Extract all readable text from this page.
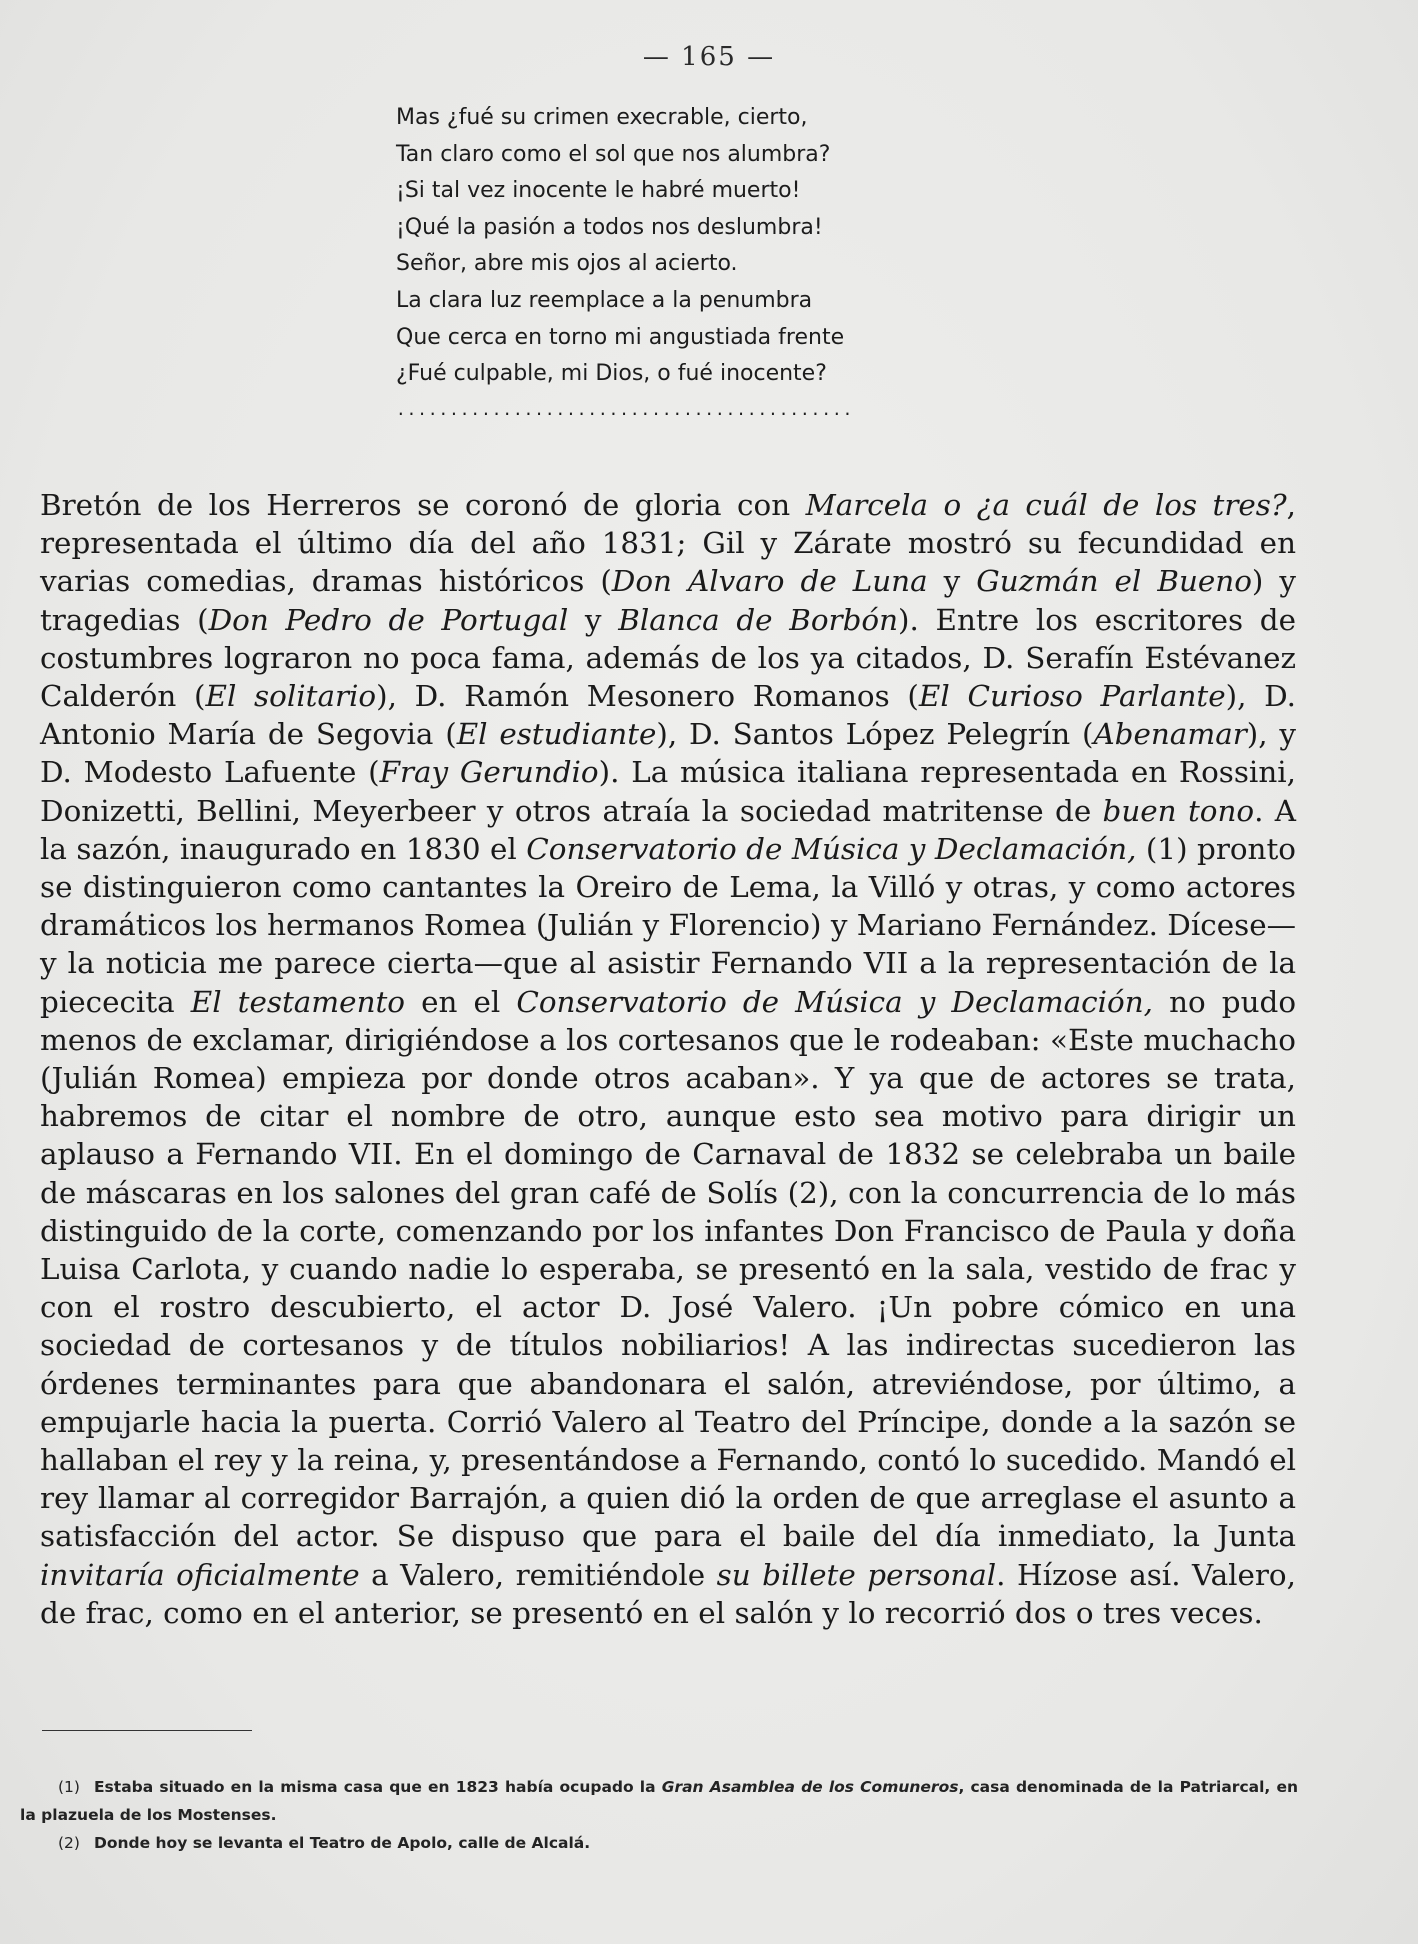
— 165 —
Mas ¿fué su crimen execrable, cierto,
Tan claro como el sol que nos alumbra?
¡Si tal vez inocente le habré muerto!
¡Qué la pasión a todos nos deslumbra!
Señor, abre mis ojos al acierto.
La clara luz reemplace a la penumbra
Que cerca en torno mi angustiada frente
¿Fué culpable, mi Dios, o fué inocente?
...........................................
Bretón de los Herreros se coronó de gloria con Marcela o ¿a cuál de los tres?, representada el último día del año 1831; Gil y Zárate mostró su fecundidad en varias comedias, dramas históricos (Don Alvaro de Luna y Guzmán el Bueno) y tragedias (Don Pedro de Portugal y Blanca de Borbón). Entre los escritores de costumbres lograron no poca fama, además de los ya citados, D. Serafín Estévanez Calderón (El solitario), D. Ramón Mesonero Romanos (El Curioso Parlante), D. Antonio María de Segovia (El estudiante), D. Santos López Pelegrín (Abenamar), y D. Modesto Lafuente (Fray Gerundio). La música italiana representada en Rossini, Donizetti, Bellini, Meyerbeer y otros atraía la sociedad matritense de buen tono. A la sazón, inaugurado en 1830 el Conservatorio de Música y Declamación, (1) pronto se distinguieron como cantantes la Oreiro de Lema, la Villó y otras, y como actores dramáticos los hermanos Romea (Julián y Florencio) y Mariano Fernández. Dícese—y la noticia me parece cierta—que al asistir Fernando VII a la representación de la piececita El testamento en el Conservatorio de Música y Declamación, no pudo menos de exclamar, dirigiéndose a los cortesanos que le rodeaban: «Este muchacho (Julián Romea) empieza por donde otros acaban». Y ya que de actores se trata, habremos de citar el nombre de otro, aunque esto sea motivo para dirigir un aplauso a Fernando VII. En el domingo de Carnaval de 1832 se celebraba un baile de máscaras en los salones del gran café de Solís (2), con la concurrencia de lo más distinguido de la corte, comenzando por los infantes Don Francisco de Paula y doña Luisa Carlota, y cuando nadie lo esperaba, se presentó en la sala, vestido de frac y con el rostro descubierto, el actor D. José Valero. ¡Un pobre cómico en una sociedad de cortesanos y de títulos nobiliarios! A las indirectas sucedieron las órdenes terminantes para que abandonara el salón, atreviéndose, por último, a empujarle hacia la puerta. Corrió Valero al Teatro del Príncipe, donde a la sazón se hallaban el rey y la reina, y, presentándose a Fernando, contó lo sucedido. Mandó el rey llamar al corregidor Barrajón, a quien dió la orden de que arreglase el asunto a satisfacción del actor. Se dispuso que para el baile del día inmediato, la Junta invitaría oficialmente a Valero, remitiéndole su billete personal. Hízose así. Valero, de frac, como en el anterior, se presentó en el salón y lo recorrió dos o tres veces.
(1) Estaba situado en la misma casa que en 1823 había ocupado la Gran Asamblea de los Comuneros, casa denominada de la Patriarcal, en la plazuela de los Mostenses.
(2) Donde hoy se levanta el Teatro de Apolo, calle de Alcalá.
